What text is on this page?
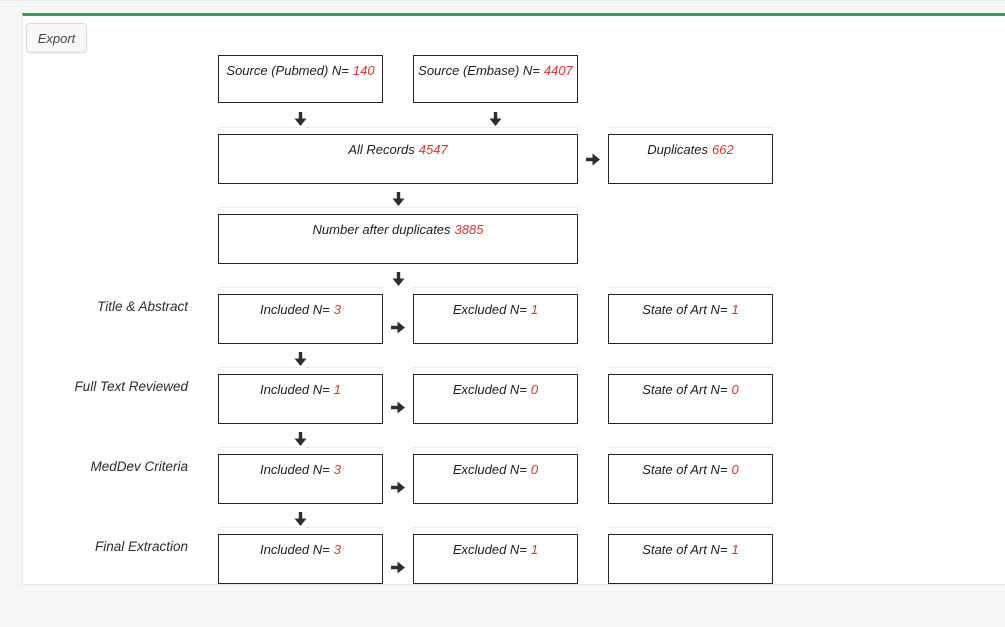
Export
Source (Pubmed) N= 140	Source (Embase) N= 4407
All Records 4547	Duplicates 662
Number after duplicates 3885
Title & Abstract	Included N= 3	Excluded N= 1	State of Art N= 1
Full Text Reviewed	Included N= 1	Excluded N= 0	State of Art N= 0
MedDev Criteria	Included N= 3	Excluded N= 0	State of Art N= 0
Final Extraction	Included N= 3	Excluded N= 1	State of Art N= 1
